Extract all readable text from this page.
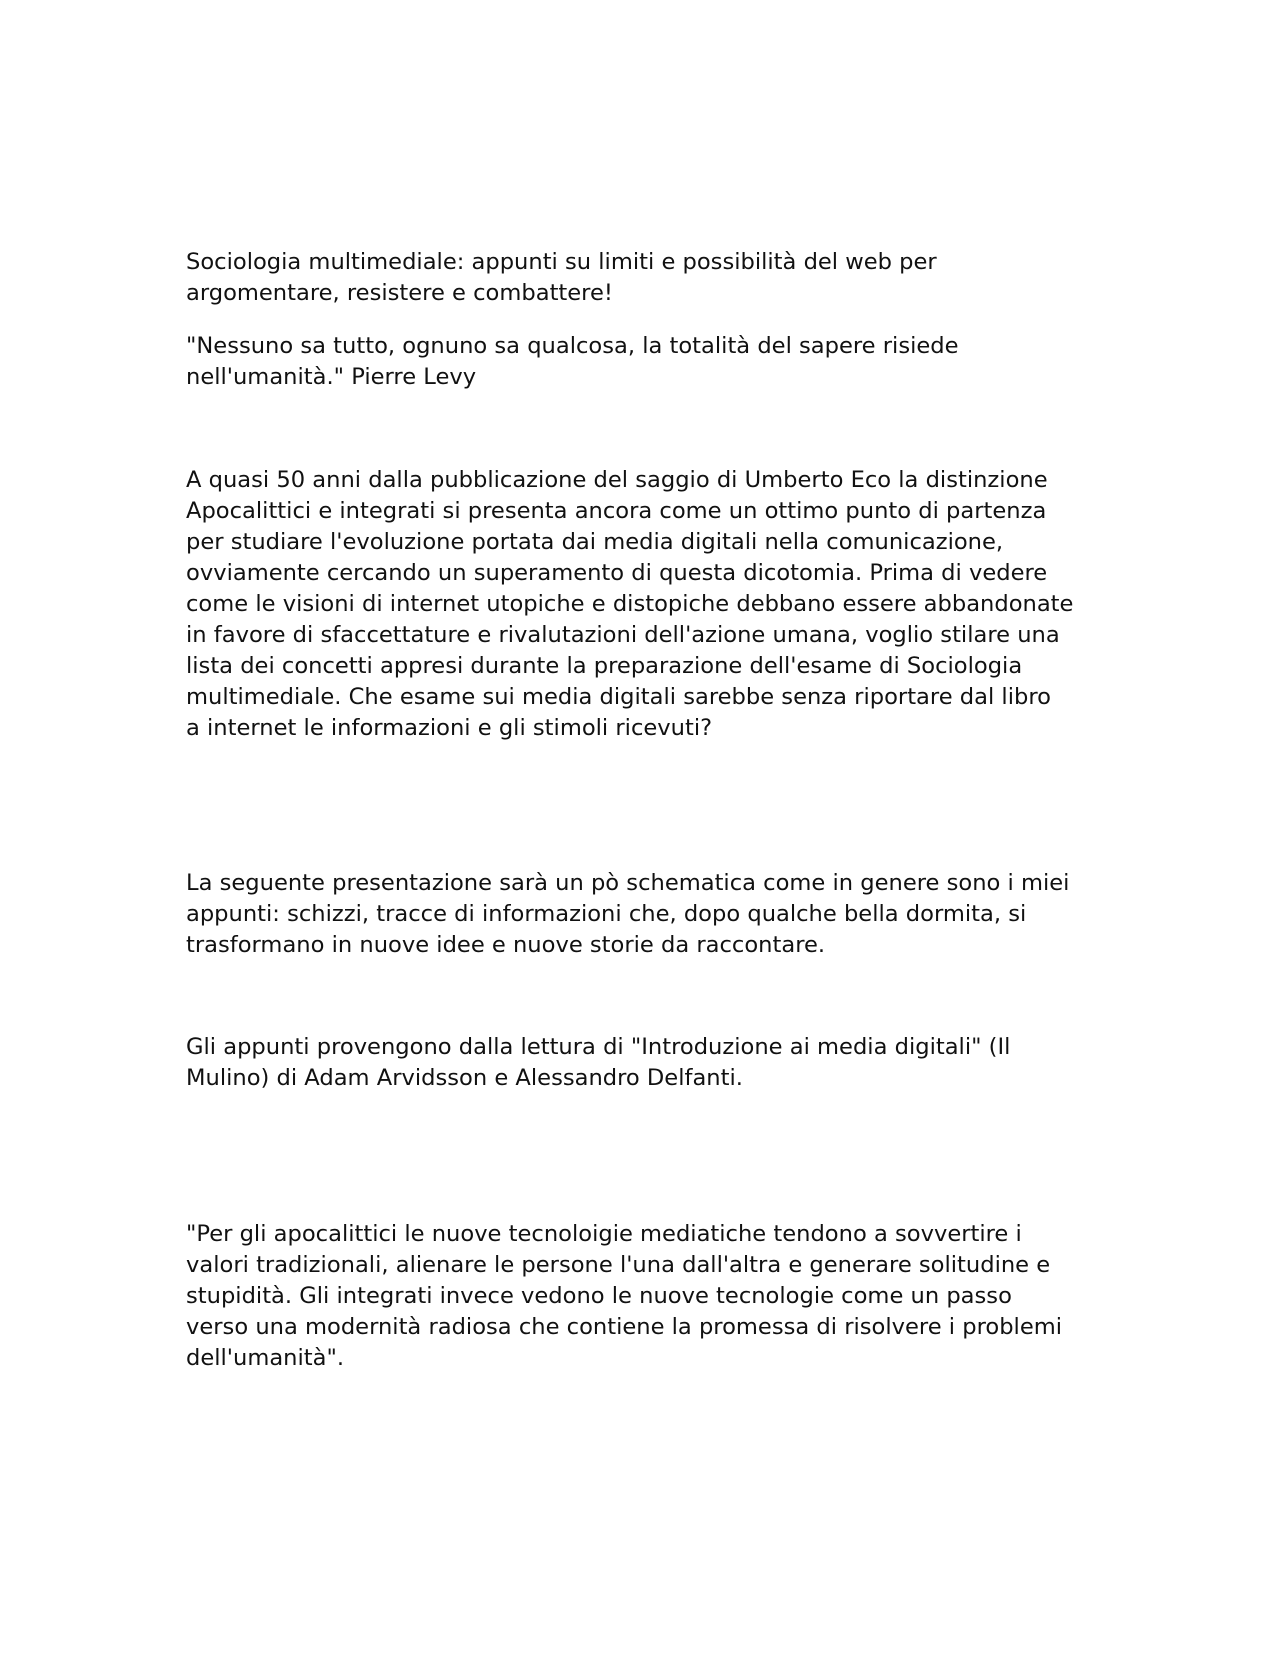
Sociologia multimediale: appunti su limiti e possibilità del web per
argomentare, resistere e combattere!

"Nessuno sa tutto, ognuno sa qualcosa, la totalità del sapere risiede
nell'umanità." Pierre Levy

A quasi 50 anni dalla pubblicazione del saggio di Umberto Eco la distinzione
Apocalittici e integrati si presenta ancora come un ottimo punto di partenza
per studiare l'evoluzione portata dai media digitali nella comunicazione,
ovviamente cercando un superamento di questa dicotomia. Prima di vedere
come le visioni di internet utopiche e distopiche debbano essere abbandonate
in favore di sfaccettature e rivalutazioni dell'azione umana, voglio stilare una
lista dei concetti appresi durante la preparazione dell'esame di Sociologia
multimediale. Che esame sui media digitali sarebbe senza riportare dal libro
a internet le informazioni e gli stimoli ricevuti?

La seguente presentazione sarà un pò schematica come in genere sono i miei
appunti: schizzi, tracce di informazioni che, dopo qualche bella dormita, si
trasformano in nuove idee e nuove storie da raccontare.

Gli appunti provengono dalla lettura di "Introduzione ai media digitali" (Il
Mulino) di Adam Arvidsson e Alessandro Delfanti.

"Per gli apocalittici le nuove tecnoloigie mediatiche tendono a sovvertire i
valori tradizionali, alienare le persone l'una dall'altra e generare solitudine e
stupidità. Gli integrati invece vedono le nuove tecnologie come un passo
verso una modernità radiosa che contiene la promessa di risolvere i problemi
dell'umanità".
